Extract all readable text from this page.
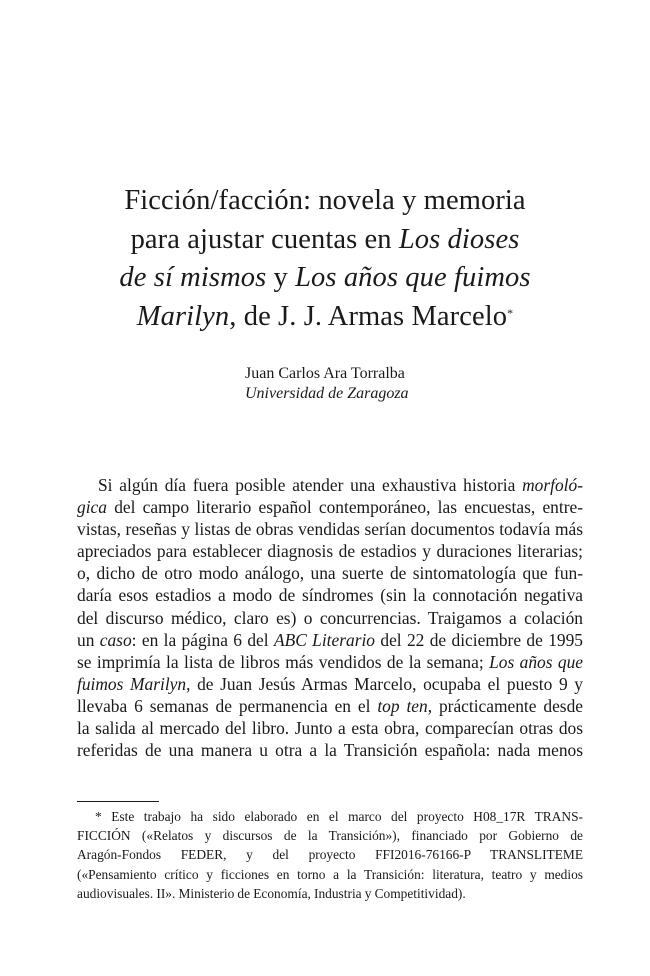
Ficción/facción: novela y memoria
para ajustar cuentas en Los dioses
de sí mismos y Los años que fuimos
Marilyn, de J. J. Armas Marcelo*
Juan Carlos Ara Torralba
Universidad de Zaragoza
Si algún día fuera posible atender una exhaustiva historia morfoló-
gica del campo literario español contemporáneo, las encuestas, entre-
vistas, reseñas y listas de obras vendidas serían documentos todavía más
apreciados para establecer diagnosis de estadios y duraciones literarias;
o, dicho de otro modo análogo, una suerte de sintomatología que fun-
daría esos estadios a modo de síndromes (sin la connotación negativa
del discurso médico, claro es) o concurrencias. Traigamos a colación
un caso: en la página 6 del ABC Literario del 22 de diciembre de 1995
se imprimía la lista de libros más vendidos de la semana; Los años que
fuimos Marilyn, de Juan Jesús Armas Marcelo, ocupaba el puesto 9 y
llevaba 6 semanas de permanencia en el top ten, prácticamente desde
la salida al mercado del libro. Junto a esta obra, comparecían otras dos
referidas de una manera u otra a la Transición española: nada menos
* Este trabajo ha sido elaborado en el marco del proyecto H08_17R TRANS-
FICCIÓN («Relatos y discursos de la Transición»), financiado por Gobierno de
Aragón-Fondos FEDER, y del proyecto FFI2016-76166-P TRANSLITEME
(«Pensamiento crítico y ficciones en torno a la Transición: literatura, teatro y medios
audiovisuales. II». Ministerio de Economía, Industria y Competitividad).
